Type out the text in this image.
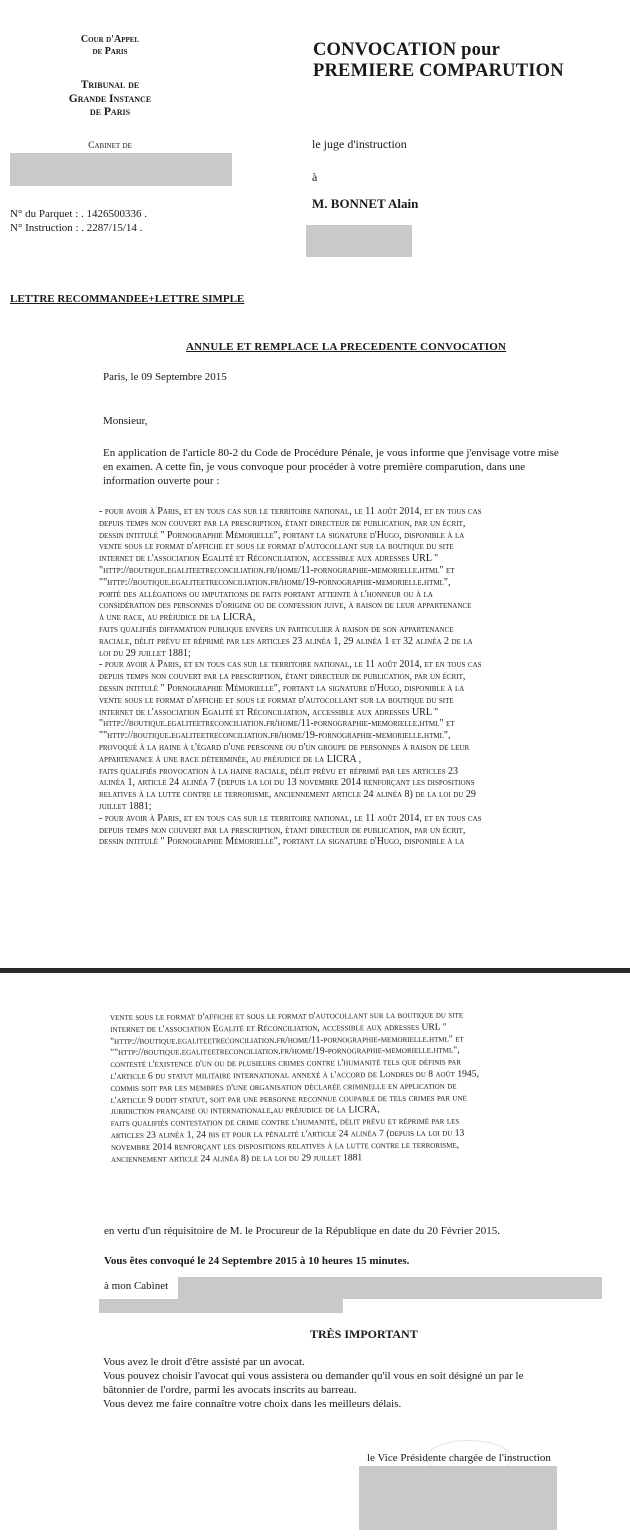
Cour d'Appel
de Paris
Tribunal de
Grande Instance
de Paris
Cabinet de
N° du Parquet : . 1426500336 .
N° Instruction : . 2287/15/14 .
CONVOCATION pour
PREMIERE COMPARUTION
le juge d'instruction
à
M. BONNET Alain
LETTRE RECOMMANDEE+LETTRE SIMPLE
ANNULE ET REMPLACE LA PRECEDENTE CONVOCATION
Paris, le 09 Septembre 2015
Monsieur,
En application de l'article 80-2 du Code de Procédure Pénale, je vous informe que j'envisage votre mise
en examen. A cette fin, je vous convoque pour procéder à votre première comparution, dans une
information ouverte pour :
- pour avoir à Paris, et en tous cas sur le territoire national, le 11 août 2014, et en tous cas
depuis temps non couvert par la prescription, étant directeur de publication, par un écrit,
dessin intitulé " Pornographie Mémorielle", portant la signature d'Hugo, disponible à la
vente sous le format d'affiche et sous le format d'autocollant sur la boutique du site
internet de l'association Egalité et Réconciliation, accessible aux adresses URL "
"http://boutique.egaliteetreconciliation.fr/home/11-pornographie-memorielle.html" et
""http://boutique.egaliteetreconciliation.fr/home/19-pornographie-memorielle.html",
porté des allégations ou imputations de faits portant atteinte à l'honneur ou à la
considération des personnes d'origine ou de confession juive, à raison de leur appartenance
à une race, au préjudice de la LICRA,
faits qualifiés diffamation publique envers un particulier à raison de son appartenance
raciale, délit prévu et réprimé par les articles 23 alinéa 1, 29 alinéa 1 et 32 alinéa 2 de la
loi du 29 juillet 1881;
- pour avoir à Paris, et en tous cas sur le territoire national, le 11 août 2014, et en tous cas
depuis temps non couvert par la prescription, étant directeur de publication, par un écrit,
dessin intitulé " Pornographie Mémorielle", portant la signature d'Hugo, disponible à la
vente sous le format d'affiche et sous le format d'autocollant sur la boutique du site
internet de l'association Egalité et Réconciliation, accessible aux adresses URL "
"http://boutique.egaliteetreconciliation.fr/home/11-pornographie-memorielle.html" et
""http://boutique.egaliteetreconciliation.fr/home/19-pornographie-memorielle.html",
provoqué à la haine à l'égard d'une personne ou d'un groupe de personnes à raison de leur
appartenance à une race déterminée, au préjudice de la LICRA ,
faits qualifiés provocation à la haine raciale, délit prévu et réprimé par les articles 23
alinéa 1, article 24 alinéa 7 (depuis la loi du 13 novembre 2014 renforçant les dispositions
relatives à la lutte contre le terrorisme, anciennement article 24 alinéa 8) de la loi du 29
juillet 1881;
- pour avoir à Paris, et en tous cas sur le territoire national, le 11 août 2014, et en tous cas
depuis temps non couvert par la prescription, étant directeur de publication, par un écrit,
dessin intitulé " Pornographie Mémorielle", portant la signature d'Hugo, disponible à la
vente sous le format d'affiche et sous le format d'autocollant sur la boutique du site
internet de l'association Egalité et Réconciliation, accessible aux adresses URL "
"http://boutique.egaliteetreconciliation.fr/home/11-pornographie-memorielle.html" et
""http://boutique.egaliteetreconciliation.fr/home/19-pornographie-memorielle.html",
contesté l'existence d'un ou de plusieurs crimes contre l'humanité tels que définis par
l'article 6 du statut militaire international annexé à l'accord de Londres du 8 août 1945,
commis soit par les membres d'une organisation déclarée criminelle en application de
l'article 9 dudit statut, soit par une personne reconnue coupable de tels crimes par une
juridiction française ou internationale,au préjudice de la LICRA,
faits qualifiés contestation de crime contre l'humanité, délit prévu et réprimé par les
articles 23 alinéa 1, 24 bis et pour la pénalité l'article 24 alinéa 7 (depuis la loi du 13
novembre 2014 renforçant les dispositions relatives à la lutte contre le terrorisme,
anciennement article 24 alinéa 8) de la loi du 29 juillet 1881
en vertu d'un réquisitoire de M. le Procureur de la République en date du 20 Février 2015.
Vous êtes convoqué le 24 Septembre 2015 à 10 heures 15 minutes.
à mon Cabinet
TRÈS IMPORTANT
Vous avez le droit d'être assisté par un avocat.
Vous pouvez choisir l'avocat qui vous assistera ou demander qu'il vous en soit désigné un par le
bâtonnier de l'ordre, parmi les avocats inscrits au barreau.
Vous devez me faire connaître votre choix dans les meilleurs délais.
le Vice Présidente chargée de l'instruction
